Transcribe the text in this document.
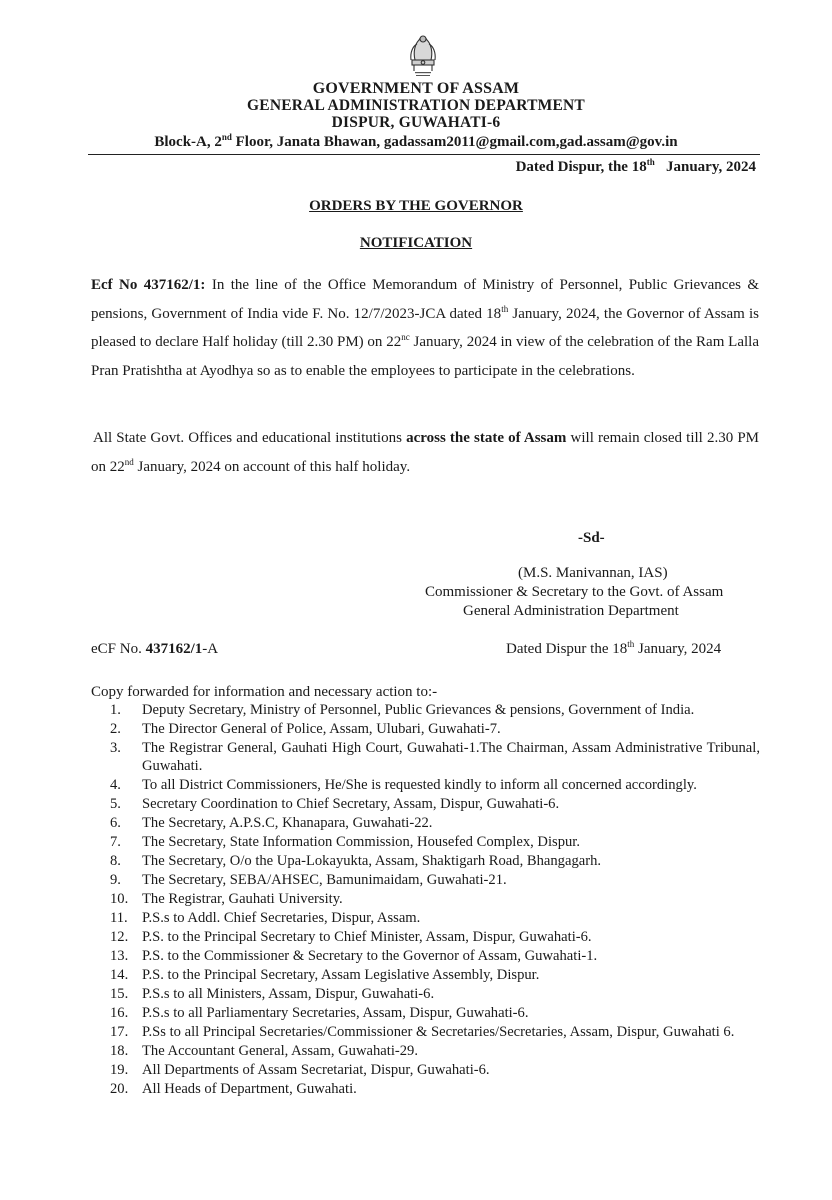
GOVERNMENT OF ASSAM
GENERAL ADMINISTRATION DEPARTMENT
DISPUR, GUWAHATI-6
Block-A, 2nd Floor, Janata Bhawan, gadassam2011@gmail.com,gad.assam@gov.in
Dated Dispur, the 18th   January, 2024
ORDERS BY THE GOVERNOR
NOTIFICATION
Ecf No 437162/1: In the line of the Office Memorandum of Ministry of Personnel, Public Grievances & pensions, Government of India vide F. No. 12/7/2023-JCA dated 18th January, 2024, the Governor of Assam is pleased to declare Half holiday (till 2.30 PM) on $22^{nc}$ January, 2024 in view of the celebration of the Ram Lalla Pran Pratishtha at Ayodhya so as to enable the employees to participate in the celebrations.
All State Govt. Offices and educational institutions across the state of Assam will remain closed till 2.30 PM on 22nd January, 2024 on account of this half holiday.
-Sd-
(M.S. Manivannan, IAS)
Commissioner & Secretary to the Govt. of Assam
General Administration Department
eCF No. 437162/1-A	Dated Dispur the 18th January, 2024
Copy forwarded for information and necessary action to:-
1. Deputy Secretary, Ministry of Personnel, Public Grievances & pensions, Government of India.
2. The Director General of Police, Assam, Ulubari, Guwahati-7.
3. The Registrar General, Gauhati High Court, Guwahati-1.The Chairman, Assam Administrative Tribunal, Guwahati.
4. To all District Commissioners, He/She is requested kindly to inform all concerned accordingly.
5. Secretary Coordination to Chief Secretary, Assam, Dispur, Guwahati-6.
6. The Secretary, A.P.S.C, Khanapara, Guwahati-22.
7. The Secretary, State Information Commission, Housefed Complex, Dispur.
8. The Secretary, O/o the Upa-Lokayukta, Assam, Shaktigarh Road, Bhangagarh.
9. The Secretary, SEBA/AHSEC, Bamunimaidam, Guwahati-21.
10. The Registrar, Gauhati University.
11. P.S.s to Addl. Chief Secretaries, Dispur, Assam.
12. P.S. to the Principal Secretary to Chief Minister, Assam, Dispur, Guwahati-6.
13. P.S. to the Commissioner & Secretary to the Governor of Assam, Guwahati-1.
14. P.S. to the Principal Secretary, Assam Legislative Assembly, Dispur.
15. P.S.s to all Ministers, Assam, Dispur, Guwahati-6.
16. P.S.s to all Parliamentary Secretaries, Assam, Dispur, Guwahati-6.
17. P.Ss to all Principal Secretaries/Commissioner & Secretaries/Secretaries, Assam, Dispur, Guwahati 6.
18. The Accountant General, Assam, Guwahati-29.
19. All Departments of Assam Secretariat, Dispur, Guwahati-6.
20. All Heads of Department, Guwahati.
